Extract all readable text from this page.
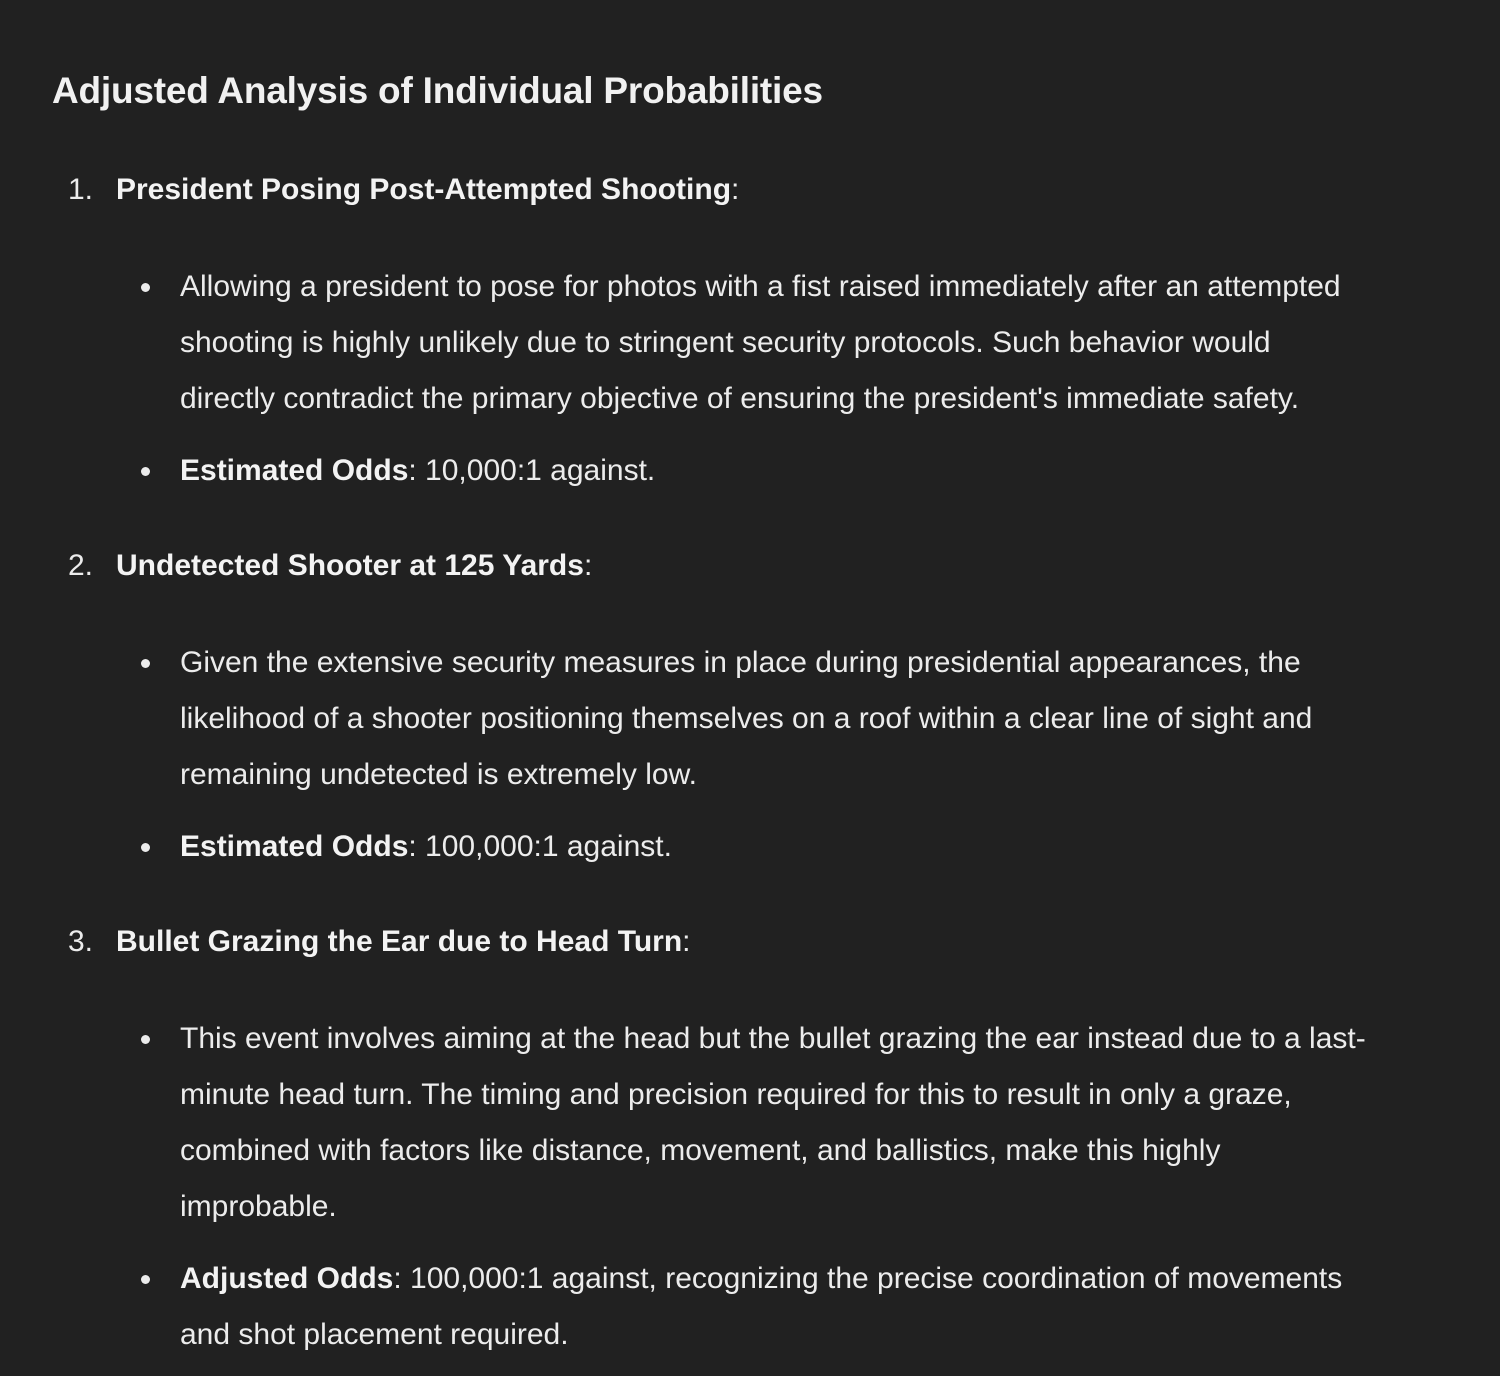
Adjusted Analysis of Individual Probabilities
1. President Posing Post-Attempted Shooting:
Allowing a president to pose for photos with a fist raised immediately after an attempted
shooting is highly unlikely due to stringent security protocols. Such behavior would
directly contradict the primary objective of ensuring the president's immediate safety.
Estimated Odds: 10,000:1 against.
2. Undetected Shooter at 125 Yards:
Given the extensive security measures in place during presidential appearances, the
likelihood of a shooter positioning themselves on a roof within a clear line of sight and
remaining undetected is extremely low.
Estimated Odds: 100,000:1 against.
3. Bullet Grazing the Ear due to Head Turn:
This event involves aiming at the head but the bullet grazing the ear instead due to a last-
minute head turn. The timing and precision required for this to result in only a graze,
combined with factors like distance, movement, and ballistics, make this highly
improbable.
Adjusted Odds: 100,000:1 against, recognizing the precise coordination of movements
and shot placement required.
